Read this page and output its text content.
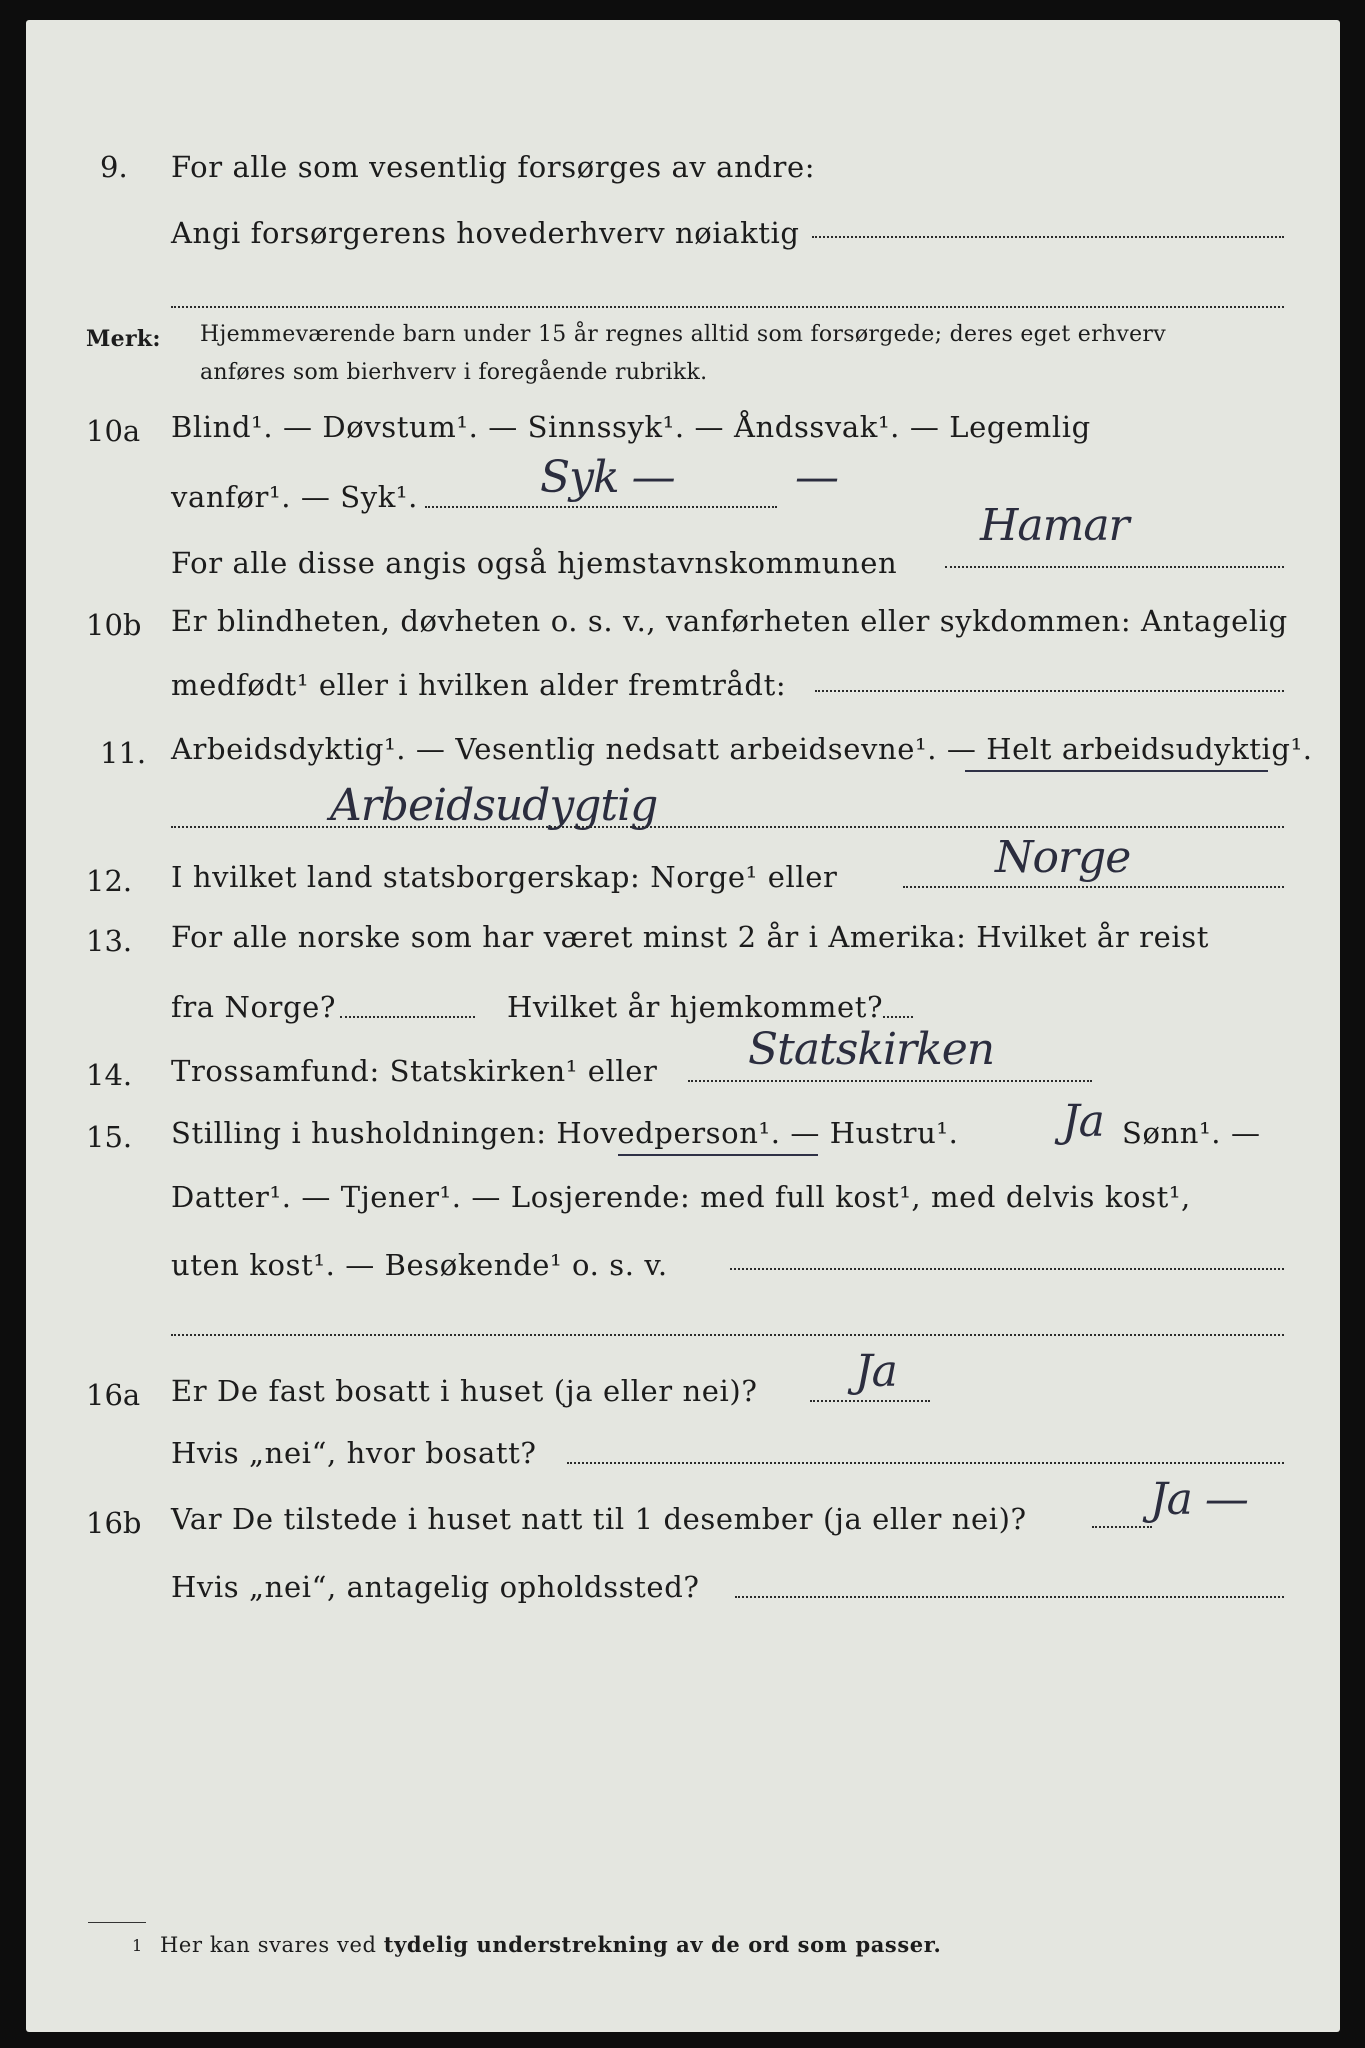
9. For alle som vesentlig forsørges av andre:
Angi forsørgerens hovederhverv nøiaktig
Merk: Hjemmeværende barn under 15 år regnes alltid som forsørgede; deres eget erhverv
anføres som bierhverv i foregående rubrikk.
10a Blind¹. — Døvstum¹. — Sinnssyk¹. — Åndssvak¹. — Legemlig
vanfør¹. — Syk¹.	Syk —	—
For alle disse angis også hjemstavnskommunen
Hamar
10b Er blindheten, døvheten o. s. v., vanførheten eller sykdommen: Antagelig
medfødt¹ eller i hvilken alder fremtrådt:
11. Arbeidsdyktig¹. — Vesentlig nedsatt arbeidsevne¹. — Helt arbeidsudyktig¹.
Arbeidsudygtig
12. I hvilket land statsborgerskap: Norge¹ eller	Norge
13. For alle norske som har været minst 2 år i Amerika: Hvilket år reist
fra Norge?	Hvilket år hjemkommet?
14. Trossamfund: Statskirken¹ eller Statskirken
15. Stilling i husholdningen: Hovedperson¹. — Hustru¹. Ja Sønn¹. —
Datter¹. — Tjener¹. — Losjerende: med full kost¹, med delvis kost¹,
uten kost¹. — Besøkende¹ o. s. v.
16a Er De fast bosatt i huset (ja eller nei)? Ja
Hvis „nei“, hvor bosatt?
16b Var De tilstede i huset natt til 1 desember (ja eller nei)?	Ja —
Hvis „nei“, antagelig opholdssted?
1 Her kan svares ved tydelig understrekning av de ord som passer.
